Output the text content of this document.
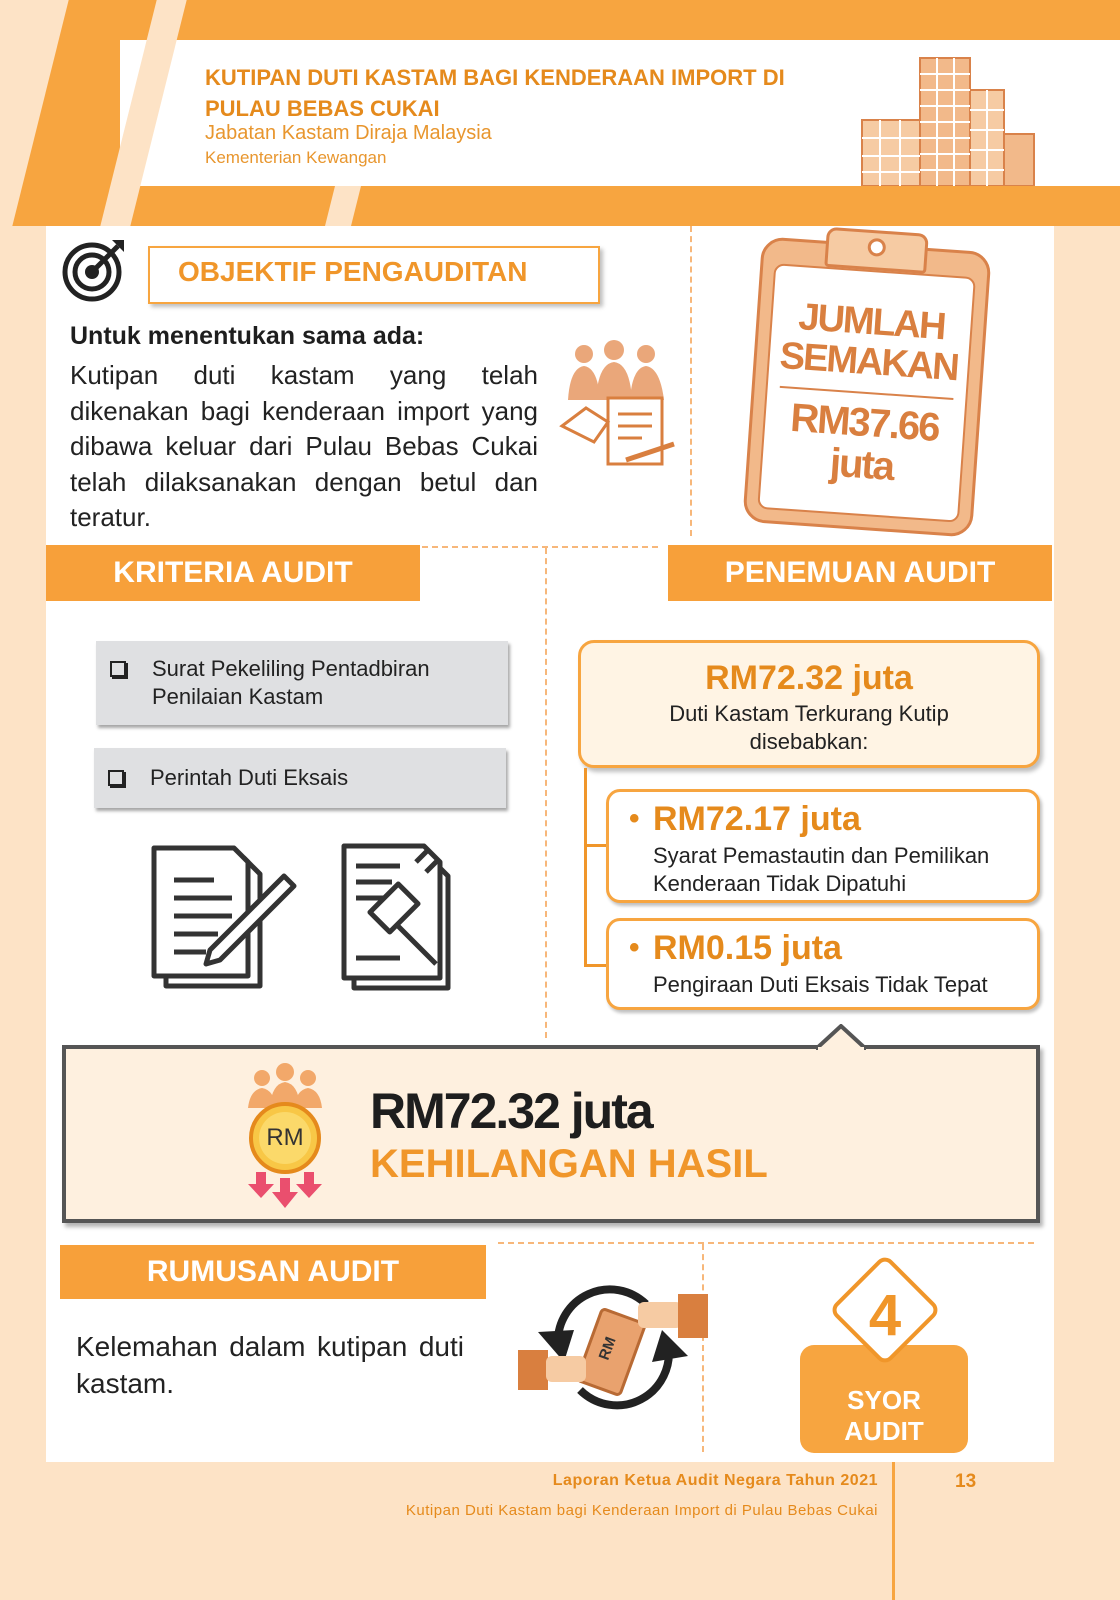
KUTIPAN DUTI KASTAM BAGI KENDERAAN IMPORT DI PULAU BEBAS CUKAI
Jabatan Kastam Diraja Malaysia
Kementerian Kewangan
OBJEKTIF PENGAUDITAN
Untuk menentukan sama ada:
Kutipan duti kastam yang telah dikenakan bagi kenderaan import yang dibawa keluar dari Pulau Bebas Cukai telah dilaksanakan dengan betul dan teratur.
JUMLAH
SEMAKAN
RM37.66
juta
KRITERIA AUDIT
Surat Pekeliling Pentadbiran Penilaian Kastam
Perintah Duti Eksais
PENEMUAN AUDIT
RM72.32 juta
Duti Kastam Terkurang Kutip disebabkan:
• RM72.17 juta
Syarat Pemastautin dan Pemilikan Kenderaan Tidak Dipatuhi
• RM0.15 juta
Pengiraan Duti Eksais Tidak Tepat
RM RM72.32 juta
KEHILANGAN HASIL
RUMUSAN AUDIT
Kelemahan dalam kutipan duti kastam.
RM
SYOR
AUDIT
4
Laporan Ketua Audit Negara Tahun 2021
Kutipan Duti Kastam bagi Kenderaan Import di Pulau Bebas Cukai
13
